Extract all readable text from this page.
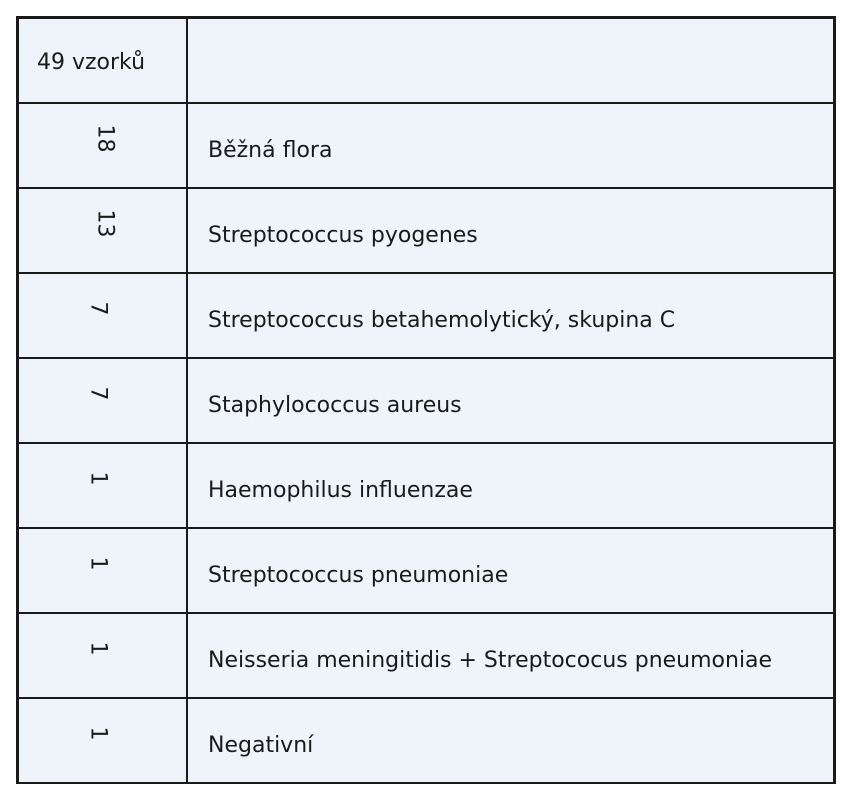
49 vzorků	

18	Běžná flora

13	Streptococcus pyogenes

7	Streptococcus betahemolytický, skupina C

7	Staphylococcus aureus

1	Haemophilus influenzae

1	Streptococcus pneumoniae

1	Neisseria meningitidis + Streptococus pneumoniae

1	Negativní
